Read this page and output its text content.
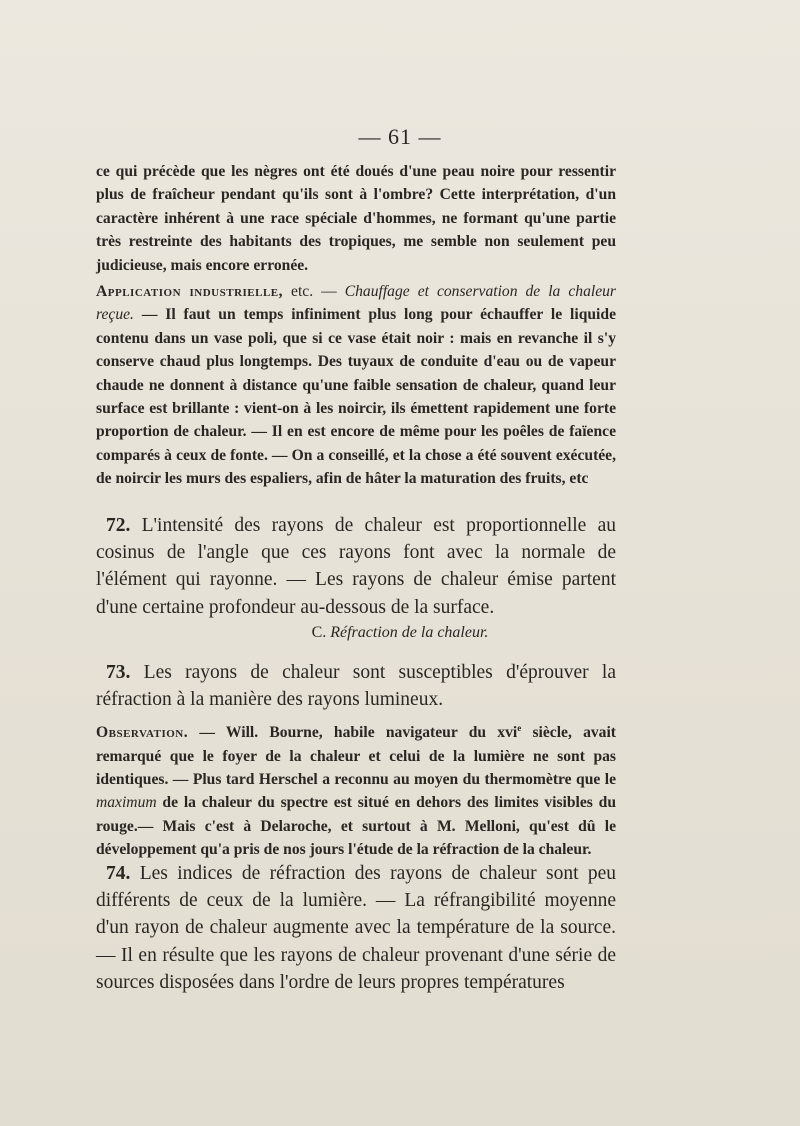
— 61 —
ce qui précède que les nègres ont été doués d'une peau noire pour ressentir plus de fraîcheur pendant qu'ils sont à l'ombre? Cette interprétation, d'un caractère inhérent à une race spéciale d'hommes, ne formant qu'une partie très restreinte des habitants des tropiques, me semble non seulement peu judicieuse, mais encore erronée.
Application industrielle, etc. — Chauffage et conservation de la chaleur reçue. — Il faut un temps infiniment plus long pour échauffer le liquide contenu dans un vase poli, que si ce vase était noir : mais en revanche il s'y conserve chaud plus longtemps. Des tuyaux de conduite d'eau ou de vapeur chaude ne donnent à distance qu'une faible sensation de chaleur, quand leur surface est brillante : vient-on à les noircir, ils émettent rapidement une forte proportion de chaleur. — Il en est encore de même pour les poêles de faïence comparés à ceux de fonte. — On a conseillé, et la chose a été souvent exécutée, de noircir les murs des espaliers, afin de hâter la maturation des fruits, etc
72. L'intensité des rayons de chaleur est proportionnelle au cosinus de l'angle que ces rayons font avec la normale de l'élément qui rayonne. — Les rayons de chaleur émise partent d'une certaine profondeur au-dessous de la surface.
C. Réfraction de la chaleur.
73. Les rayons de chaleur sont susceptibles d'éprouver la réfraction à la manière des rayons lumineux.
Observation. — Will. Bourne, habile navigateur du xvi$^e$ siècle, avait remarqué que le foyer de la chaleur et celui de la lumière ne sont pas identiques. — Plus tard Herschel a reconnu au moyen du thermomètre que le maximum de la chaleur du spectre est situé en dehors des limites visibles du rouge.— Mais c'est à Delaroche, et surtout à M. Melloni, qu'est dû le développement qu'a pris de nos jours l'étude de la réfraction de la chaleur.
74. Les indices de réfraction des rayons de chaleur sont peu différents de ceux de la lumière. — La réfrangibilité moyenne d'un rayon de chaleur augmente avec la température de la source. — Il en résulte que les rayons de chaleur provenant d'une série de sources disposées dans l'ordre de leurs propres températures
